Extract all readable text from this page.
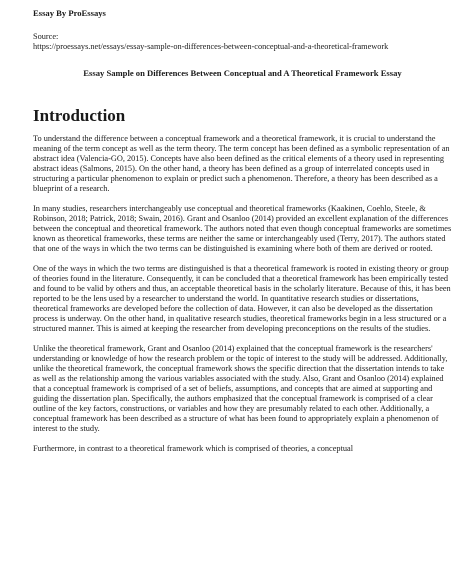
Essay By ProEssays
Source:
https://proessays.net/essays/essay-sample-on-differences-between-conceptual-and-a-theoretical-framework
Essay Sample on Differences Between Conceptual and A Theoretical Framework Essay
Introduction

To understand the difference between a conceptual framework and a theoretical framework, it is crucial to understand the meaning of the term concept as well as the term theory. The term concept has been defined as a symbolic representation of an abstract idea (Valencia-GO, 2015). Concepts have also been defined as the critical elements of a theory used in representing abstract ideas (Salmons, 2015). On the other hand, a theory has been defined as a group of interrelated concepts used in structuring a particular phenomenon to explain or predict such a phenomenon. Therefore, a theory has been described as a blueprint of a research.

In many studies, researchers interchangeably use conceptual and theoretical frameworks (Kaakinen, Coehlo, Steele, & Robinson, 2018; Patrick, 2018; Swain, 2016). Grant and Osanloo (2014) provided an excellent explanation of the differences between the conceptual and theoretical framework. The authors noted that even though conceptual frameworks are sometimes known as theoretical frameworks, these terms are neither the same or interchangeably used (Terry, 2017). The authors stated that one of the ways in which the two terms can be distinguished is examining where both of them are derived or rooted.

One of the ways in which the two terms are distinguished is that a theoretical framework is rooted in existing theory or group of theories found in the literature. Consequently, it can be concluded that a theoretical framework has been empirically tested and found to be valid by others and thus, an acceptable theoretical basis in the scholarly literature. Because of this, it has been reported to be the lens used by a researcher to understand the world. In quantitative research studies or dissertations, theoretical frameworks are developed before the collection of data. However, it can also be developed as the dissertation process is underway. On the other hand, in qualitative research studies, theoretical frameworks begin in a less structured or a structured manner. This is aimed at keeping the researcher from developing preconceptions on the results of the studies.

Unlike the theoretical framework, Grant and Osanloo (2014) explained that the conceptual framework is the researchers' understanding or knowledge of how the research problem or the topic of interest to the study will be addressed. Additionally, unlike the theoretical framework, the conceptual framework shows the specific direction that the dissertation intends to take as well as the relationship among the various variables associated with the study. Also, Grant and Osanloo (2014) explained that a conceptual framework is comprised of a set of beliefs, assumptions, and concepts that are aimed at supporting and guiding the dissertation plan. Specifically, the authors emphasized that the conceptual framework is comprised of a clear outline of the key factors, constructions, or variables and how they are presumably related to each other. Additionally, a conceptual framework has been described as a structure of what has been found to appropriately explain a phenomenon of interest to the study.

Furthermore, in contrast to a theoretical framework which is comprised of theories, a conceptual
